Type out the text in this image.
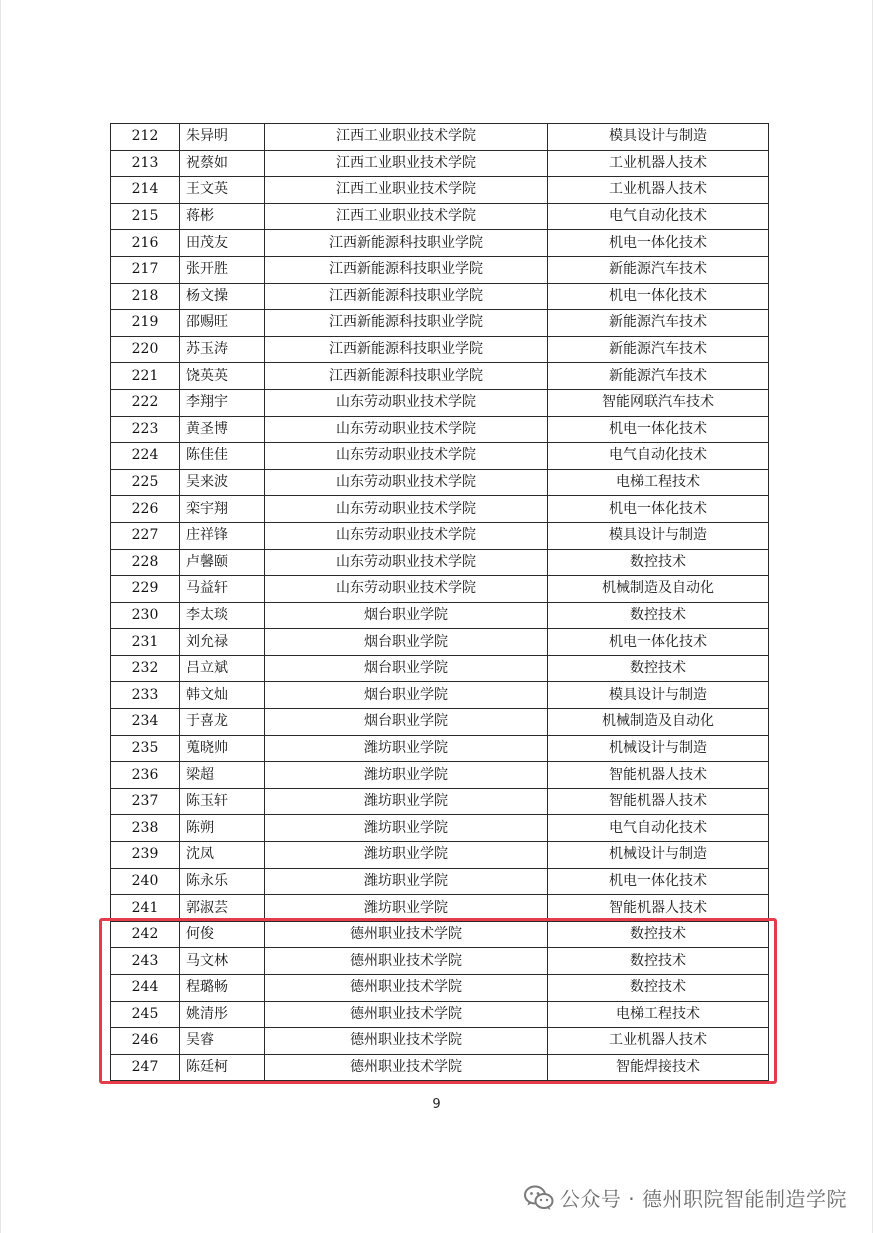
212	朱异明	江西工业职业技术学院	模具设计与制造
213	祝蔡如	江西工业职业技术学院	工业机器人技术
214	王文英	江西工业职业技术学院	工业机器人技术
215	蒋彬	江西工业职业技术学院	电气自动化技术
216	田茂友	江西新能源科技职业学院	机电一体化技术
217	张开胜	江西新能源科技职业学院	新能源汽车技术
218	杨文操	江西新能源科技职业学院	机电一体化技术
219	邵赐旺	江西新能源科技职业学院	新能源汽车技术
220	苏玉涛	江西新能源科技职业学院	新能源汽车技术
221	饶英英	江西新能源科技职业学院	新能源汽车技术
222	李翔宇	山东劳动职业技术学院	智能网联汽车技术
223	黄圣博	山东劳动职业技术学院	机电一体化技术
224	陈佳佳	山东劳动职业技术学院	电气自动化技术
225	吴来波	山东劳动职业技术学院	电梯工程技术
226	栾宇翔	山东劳动职业技术学院	机电一体化技术
227	庄祥锋	山东劳动职业技术学院	模具设计与制造
228	卢馨颐	山东劳动职业技术学院	数控技术
229	马益轩	山东劳动职业技术学院	机械制造及自动化
230	李太琰	烟台职业学院	数控技术
231	刘允禄	烟台职业学院	机电一体化技术
232	吕立斌	烟台职业学院	数控技术
233	韩文灿	烟台职业学院	模具设计与制造
234	于喜龙	烟台职业学院	机械制造及自动化
235	蒐晓帅	潍坊职业学院	机械设计与制造
236	梁超	潍坊职业学院	智能机器人技术
237	陈玉轩	潍坊职业学院	智能机器人技术
238	陈朔	潍坊职业学院	电气自动化技术
239	沈凤	潍坊职业学院	机械设计与制造
240	陈永乐	潍坊职业学院	机电一体化技术
241	郭淑芸	潍坊职业学院	智能机器人技术
242	何俊	德州职业技术学院	数控技术
243	马文林	德州职业技术学院	数控技术
244	程璐畅	德州职业技术学院	数控技术
245	姚清彤	德州职业技术学院	电梯工程技术
246	吴睿	德州职业技术学院	工业机器人技术
247	陈廷柯	德州职业技术学院	智能焊接技术
9
公众号 · 德州职院智能制造学院
